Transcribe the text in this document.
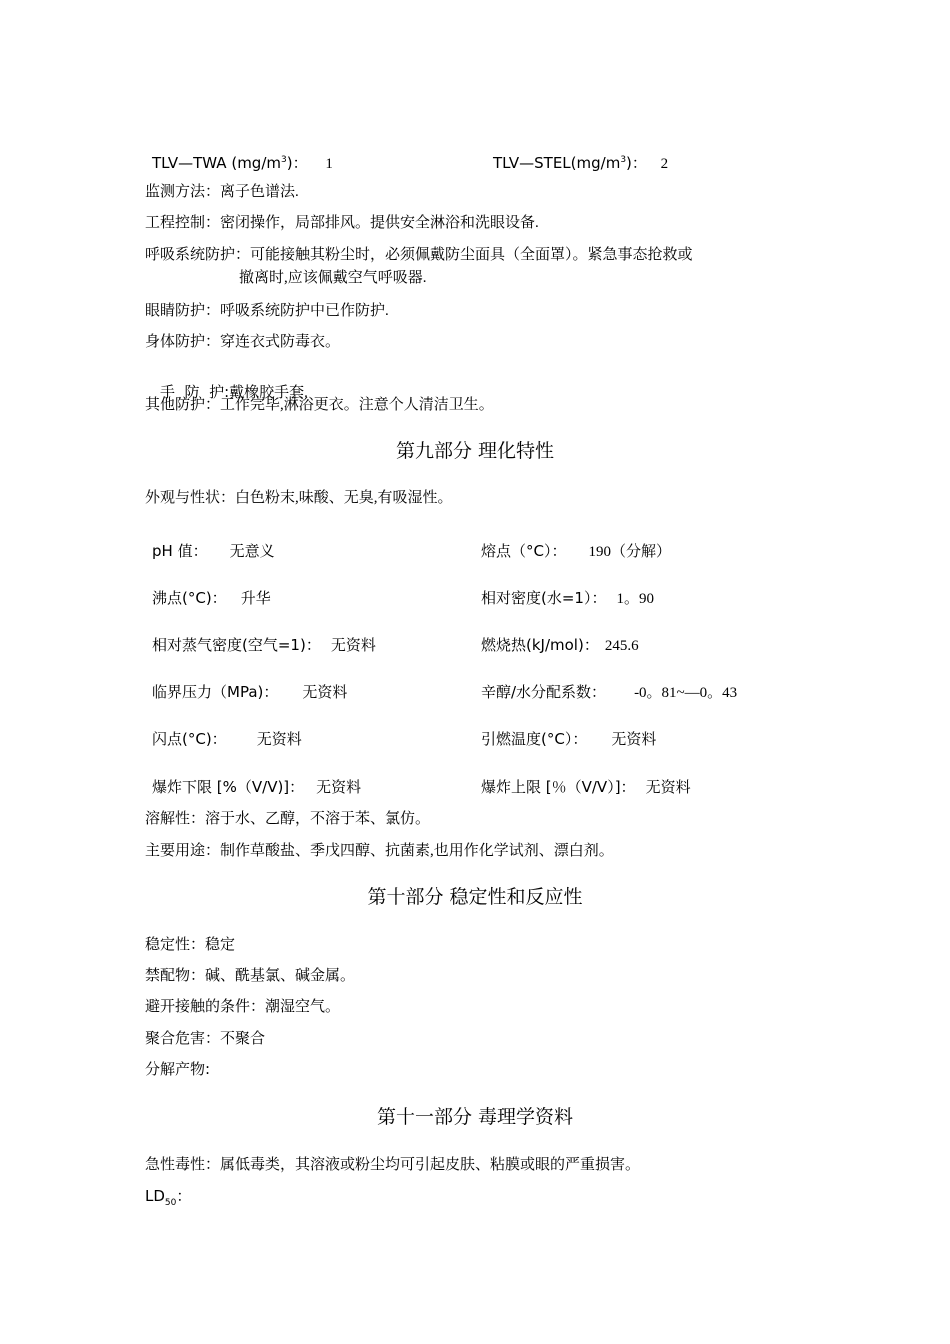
TLV—TWA $(mg/m^3)$： 1	$TLV—STEL(mg/m^3)$： 2
监测方法：离子色谱法.
工程控制：密闭操作，局部排风。提供安全淋浴和洗眼设备.
呼吸系统防护：可能接触其粉尘时，必须佩戴防尘面具（全面罩）。紧急事态抢救或
撤离时,应该佩戴空气呼吸器.
眼睛防护：呼吸系统防护中已作防护.
身体防护：穿连衣式防毒衣。

手  防  护:戴橡胶手套.

其他防护：工作完毕,淋浴更衣。注意个人清洁卫生。
第九部分 理化特性
外观与性状：白色粉末,味酸、无臭,有吸湿性。
pH 值： 无意义	熔点（°C）： 190（分解）
沸点(°C)： 升华	相对密度(水=1）： 1。90
相对蒸气密度(空气=1)： 无资料	燃烧热(kJ/mol)： 245.6
临界压力（MPa)： 无资料	辛醇/水分配系数： -0。81~—0。43
闪点(°C)： 无资料	引燃温度(°C）： 无资料
爆炸下限 [%（V/V)]： 无资料	爆炸上限 [％（V/V）]： 无资料
溶解性：溶于水、乙醇，不溶于苯、氯仿。
主要用途：制作草酸盐、季戊四醇、抗菌素,也用作化学试剂、漂白剂。
第十部分 稳定性和反应性
稳定性：稳定
禁配物：碱、酰基氯、碱金属。
避开接触的条件：潮湿空气。
聚合危害：不聚合
分解产物:
第十一部分 毒理学资料
急性毒性：属低毒类，其溶液或粉尘均可引起皮肤、粘膜或眼的严重损害。
$LD_{50}$：
